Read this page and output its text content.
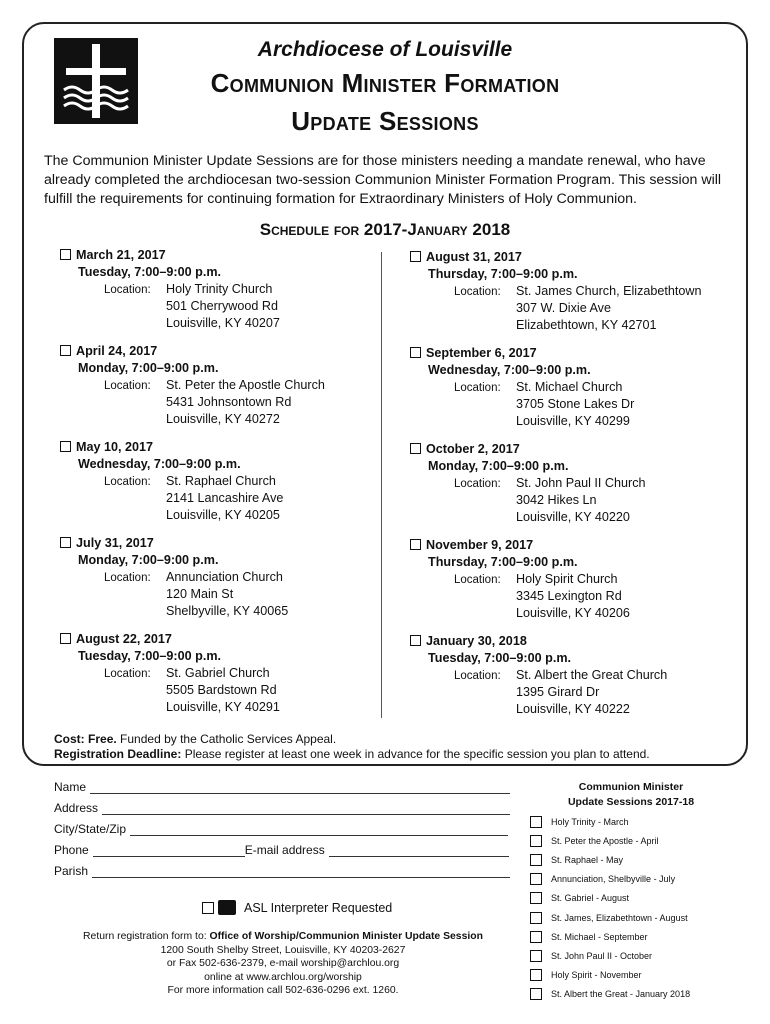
Archdiocese of Louisville
Communion Minister Formation
Update Sessions
The Communion Minister Update Sessions are for those ministers needing a mandate renewal, who have already completed the archdiocesan two-session Communion Minister Formation Program. This session will fulfill the requirements for continuing formation for Extraordinary Ministers of Holy Communion.
Schedule for 2017-January 2018
March 21, 2017
Tuesday, 7:00–9:00 p.m.
Location:	Holy Trinity Church
501 Cherrywood Rd
Louisville, KY 40207
April 24, 2017
Monday, 7:00–9:00 p.m.
Location:	St. Peter the Apostle Church
5431 Johnsontown Rd
Louisville, KY 40272
May 10, 2017
Wednesday, 7:00–9:00 p.m.
Location:	St. Raphael Church
2141 Lancashire Ave
Louisville, KY 40205
July 31, 2017
Monday, 7:00–9:00 p.m.
Location:	Annunciation Church
120 Main St
Shelbyville, KY 40065
August 22, 2017
Tuesday, 7:00–9:00 p.m.
Location:	St. Gabriel Church
5505 Bardstown Rd
Louisville, KY 40291
August 31, 2017
Thursday, 7:00–9:00 p.m.
Location:	St. James Church, Elizabethtown
307 W. Dixie Ave
Elizabethtown, KY 42701
September 6, 2017
Wednesday, 7:00–9:00 p.m.
Location:	St. Michael Church
3705 Stone Lakes Dr
Louisville, KY 40299
October 2, 2017
Monday, 7:00–9:00 p.m.
Location:	St. John Paul II Church
3042 Hikes Ln
Louisville, KY 40220
November 9, 2017
Thursday, 7:00–9:00 p.m.
Location:	Holy Spirit Church
3345 Lexington Rd
Louisville, KY 40206
January 30, 2018
Tuesday, 7:00–9:00 p.m.
Location:	St. Albert the Great Church
1395 Girard Dr
Louisville, KY 40222
Cost: Free. Funded by the Catholic Services Appeal.
Registration Deadline: Please register at least one week in advance for the specific session you plan to attend.
Name
Address
City/State/Zip
Phone	E-mail address
Parish
ASL Interpreter Requested
Return registration form to: Office of Worship/Communion Minister Update Session
1200 South Shelby Street, Louisville, KY 40203-2627
or Fax 502-636-2379, e-mail worship@archlou.org
online at www.archlou.org/worship
For more information call 502-636-0296 ext. 1260.
Communion Minister
Update Sessions 2017-18
Holy Trinity - March
St. Peter the Apostle - April
St. Raphael - May
Annunciation, Shelbyville - July
St. Gabriel - August
St. James, Elizabethtown - August
St. Michael - September
St. John Paul II - October
Holy Spirit - November
St. Albert the Great - January 2018
